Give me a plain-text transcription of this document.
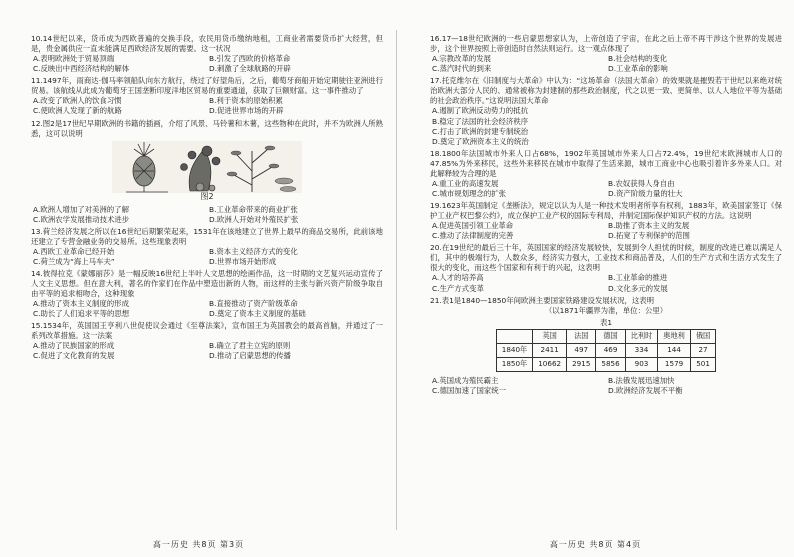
10.14世纪以来，货币成为西欧普遍的交换手段，农民用货币缴纳地租，工商业者需要货币扩大经营，但是，贵金属供应一直未能满足西欧经济发展的需要。这一状况

A.表明欧洲处于贸易顶端	B.引发了西欧的价格革命
C.反映出中西经济结构的解体	D.刺激了全球航路的开辟

11.1497年，雨商达·伽马率领船队向东方航行，绕过了好望角后，之后，葡萄牙商船开始定期驶往亚洲进行贸易。该航线从此成为葡萄牙王国垄断印度洋地区贸易的重要通道，获取了巨额财富。这一事件推动了

A.改变了欧洲人的饮食习惯	B.利于资本的原始积累
C.使欧洲人发现了新的航路	D.促进世界市场的开辟

12.图2是17世纪早期欧洲的书籍的插画，介绍了风景、马铃薯和木薯，这些物种在此时，并不为欧洲人所熟悉，这可以说明

图2

A.欧洲人增加了对美洲的了解	B.工业革命带来的商业扩张
C.欧洲农学发展推动技术进步	D.欧洲人开始对外殖民扩张

13.荷兰经济发展之所以在16世纪后期繁荣起来，1531年在该地建立了世界上最早的商品交易所，此前该地还建立了专营金融业务的交易所。这些现象表明

A.西欧工业革命已经开始	B.资本主义经济方式的变化
C.荷兰成为“海上马车夫”	D.世界市场开始形成

14.彼得拉克《蒙娜丽莎》是一幅反映16世纪上半叶人文思想的绘画作品，这一时期的文艺复兴运动宣传了人文主义思想。但在意大利，著名的作家们在作品中塑造出新的人物，而这样的主张与新兴资产阶级争取自由平等的追求相吻合，这种现象

A.推动了资本主义制度的形成	B.直接推动了资产阶级革命
C.助长了人们追求平等的思想	D.奠定了资本主义制度的基础

15.1534年，英国国王亨利八世促使议会通过《至尊法案》，宣布国王为英国教会的最高首脑，并通过了一系列改革措施。这一法案

A.推动了民族国家的形成	B.确立了君主立宪的原则
C.促进了文化教育的发展	D.推动了启蒙思想的传播
高一历史 共8页 第3页

16.17—18世纪欧洲的一些启蒙思想家认为，上帝创造了宇宙，在此之后上帝不再干涉这个世界的发展进步，这个世界按照上帝创造时自然法则运行。这一观点体现了

A.宗教改革的发展	B.社会结构的变化
C.蒸汽时代的到来	D.工业革命的影响

17.托克维尔在《旧制度与大革命》中认为：“这场革命（法国大革命）的效果就是摧毁若干世纪以来绝对统治欧洲大部分人民的、通常被称为封建制的那些政治制度，代之以更一致、更简单、以人人地位平等为基础的社会政治秩序。”这说明法国大革命

A.遏制了欧洲反动势力的抵抗
B.稳定了法国的社会经济秩序
C.打击了欧洲的封建专制统治
D.奠定了欧洲资本主义的统治

18.1800年法国城市外来人口占68%，1902年英国城市外来人口占72.4%，19世纪末欧洲城市人口的47.85%为外来移民，这些外来移民在城市中取得了生活来源，城市工商业中心也吸引着许多外来人口。对此解释较为合理的是

A.重工业的高速发展	B.农奴获得人身自由
C.城市规划理念的扩张	D.资产阶级力量的壮大

19.1623年英国制定《垄断法》，规定以认为人是一种技术发明者所享有权利，1883年，欧美国家签订《保护工业产权巴黎公约》，成立保护工业产权的国际专利局，并制定国际保护知识产权的方法。这说明

A.促进英国引领工业革命	B.助推了资本主义的发展
C.推动了法律制度的完善	D.拓宽了专利保护的范围

20.在19世纪的最后三十年，英国国家的经济发展较快，发展到令人担忧的时候，制度的改进已难以满足人们，其中的极端行为，人数众多，经济实力强大，工业技术和商品普及，人们的生产方式和生活方式发生了很大的变化，而这些个国家和有利于的兴起，这表明

A.人才的培养高	B.工业革命的推进
C.生产方式变革	D.文化多元的发展

21.表1是1840—1850年间欧洲主要国家铁路建设发展状况，这表明

（以1871年疆界为准，单位：公里）

表1

	英国	法国	德国	比利时	奥地利	俄国
1840年	2411	497	469	334	144	27
1850年	10662	2915	5856	903	1579	501
A.英国成为殖民霸主	B.法俄发展迅速加快
C.德国加速了国家统一	D.欧洲经济发展不平衡
高一历史 共8页 第4页
